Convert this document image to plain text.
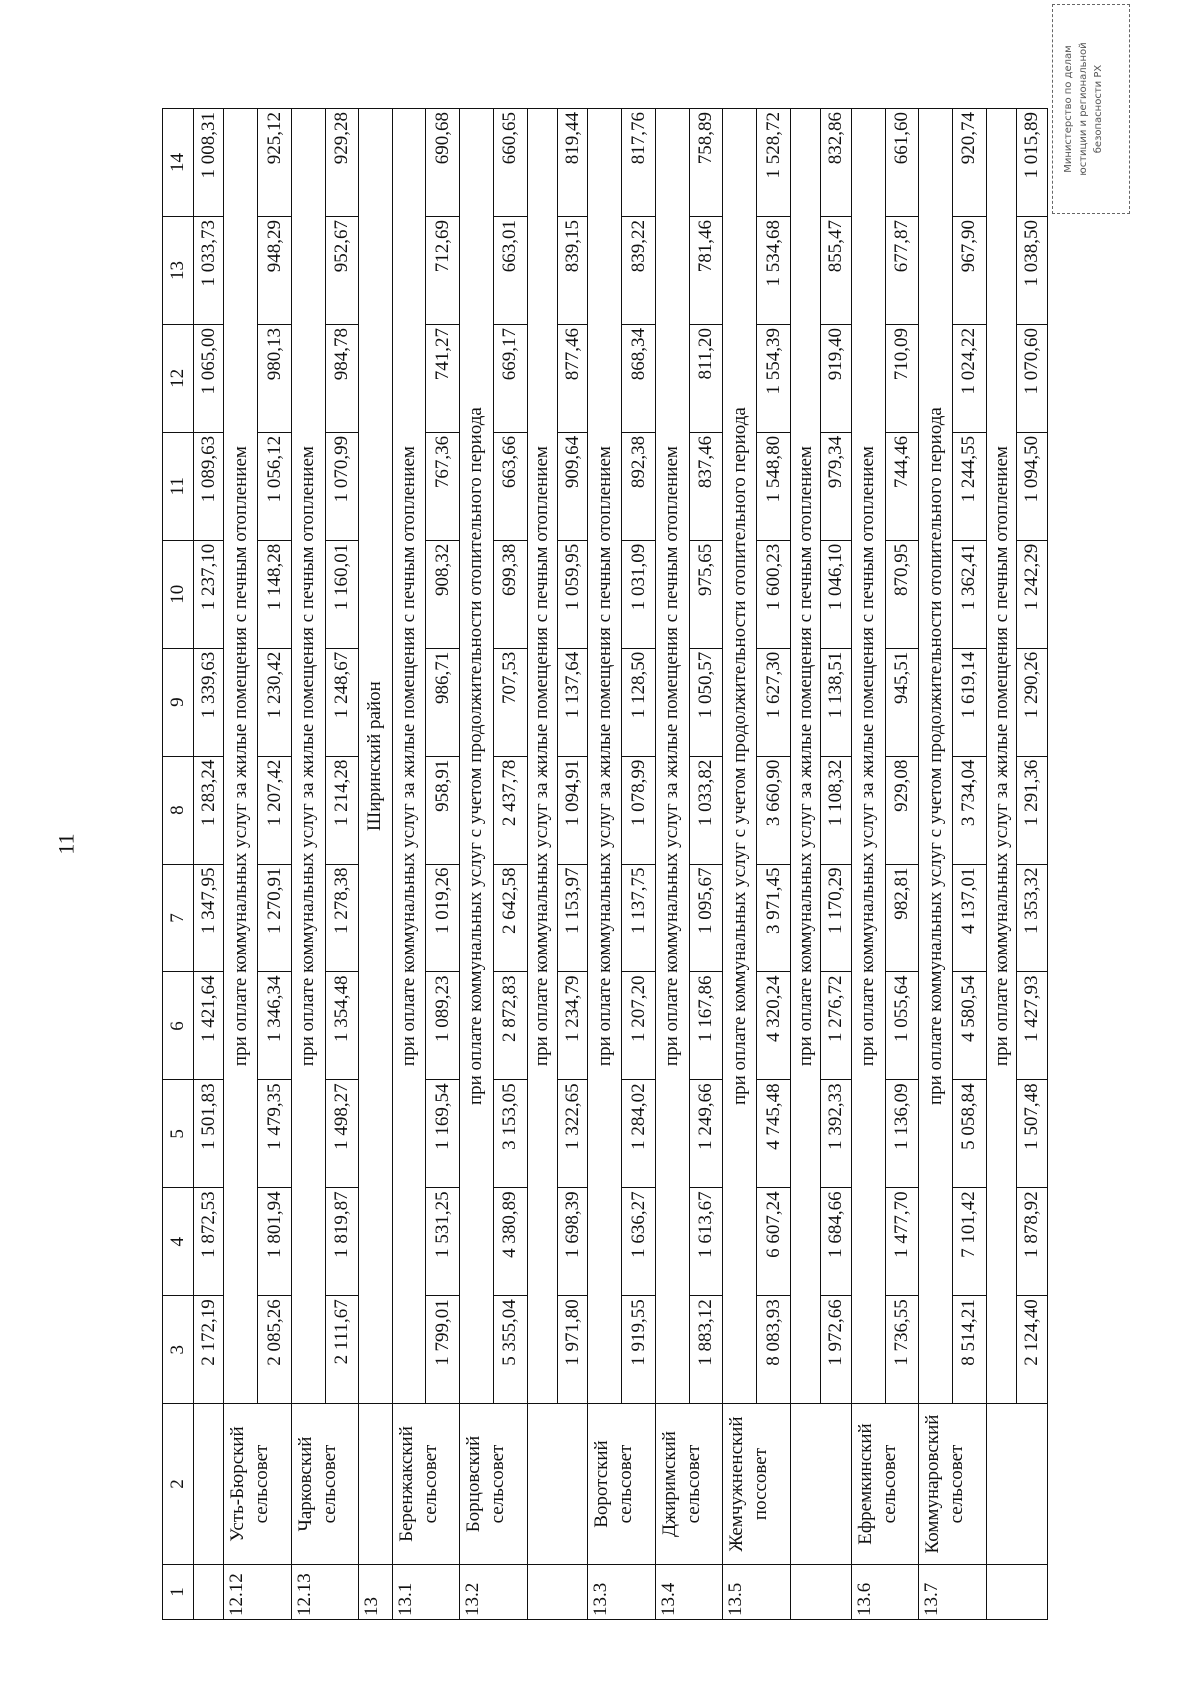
11
1	2	3	4	5	6	7	8	9	10	11	12	13	14
		2 172,19	1 872,53	1 501,83	1 421,64	1 347,95	1 283,24	1 339,63	1 237,10	1 089,63	1 065,00	1 033,73	1 008,31
12.12	Усть-Бюрский сельсовет	при оплате коммунальных услуг за жилые помещения с печным отоплением											
		2 085,26	1 801,94	1 479,35	1 346,34	1 270,91	1 207,42	1 230,42	1 148,28	1 056,12	980,13	948,29	925,12
12.13	Чарковский сельсовет	при оплате коммунальных услуг за жилые помещения с печным отоплением											
		2 111,67	1 819,87	1 498,27	1 354,48	1 278,38	1 214,28	1 248,67	1 160,01	1 070,99	984,78	952,67	929,28
13		Ширинский район											
13.1	Беренжакский сельсовет	при оплате коммунальных услуг за жилые помещения с печным отоплением											
		1 799,01	1 531,25	1 169,54	1 089,23	1 019,26	958,91	986,71	908,32	767,36	741,27	712,69	690,68
13.2	Борцовский сельсовет	при оплате коммунальных услуг с учетом продолжительности отопительного периода											
		5 355,04	4 380,89	3 153,05	2 872,83	2 642,58	2 437,78	707,53	699,38	663,66	669,17	663,01	660,65
		при оплате коммунальных услуг за жилые помещения с печным отоплением											
		1 971,80	1 698,39	1 322,65	1 234,79	1 153,97	1 094,91	1 137,64	1 059,95	909,64	877,46	839,15	819,44
13.3	Воротский сельсовет	при оплате коммунальных услуг за жилые помещения с печным отоплением											
		1 919,55	1 636,27	1 284,02	1 207,20	1 137,75	1 078,99	1 128,50	1 031,09	892,38	868,34	839,22	817,76
13.4	Джиримский сельсовет	при оплате коммунальных услуг за жилые помещения с печным отоплением											
		1 883,12	1 613,67	1 249,66	1 167,86	1 095,67	1 033,82	1 050,57	975,65	837,46	811,20	781,46	758,89
13.5	Жемчужненский поссовет	при оплате коммунальных услуг с учетом продолжительности отопительного периода											
		8 083,93	6 607,24	4 745,48	4 320,24	3 971,45	3 660,90	1 627,30	1 600,23	1 548,80	1 554,39	1 534,68	1 528,72
		при оплате коммунальных услуг за жилые помещения с печным отоплением											
		1 972,66	1 684,66	1 392,33	1 276,72	1 170,29	1 108,32	1 138,51	1 046,10	979,34	919,40	855,47	832,86
13.6	Ефремкинский сельсовет	при оплате коммунальных услуг за жилые помещения с печным отоплением											
		1 736,55	1 477,70	1 136,09	1 055,64	982,81	929,08	945,51	870,95	744,46	710,09	677,87	661,60
13.7	Коммунаровский сельсовет	при оплате коммунальных услуг с учетом продолжительности отопительного периода											
		8 514,21	7 101,42	5 058,84	4 580,54	4 137,01	3 734,04	1 619,14	1 362,41	1 244,55	1 024,22	967,90	920,74
		при оплате коммунальных услуг за жилые помещения с печным отоплением											
		2 124,40	1 878,92	1 507,48	1 427,93	1 353,32	1 291,36	1 290,26	1 242,29	1 094,50	1 070,60	1 038,50	1 015,89 Министерство по делам юстиции и региональной безопасности РХ
